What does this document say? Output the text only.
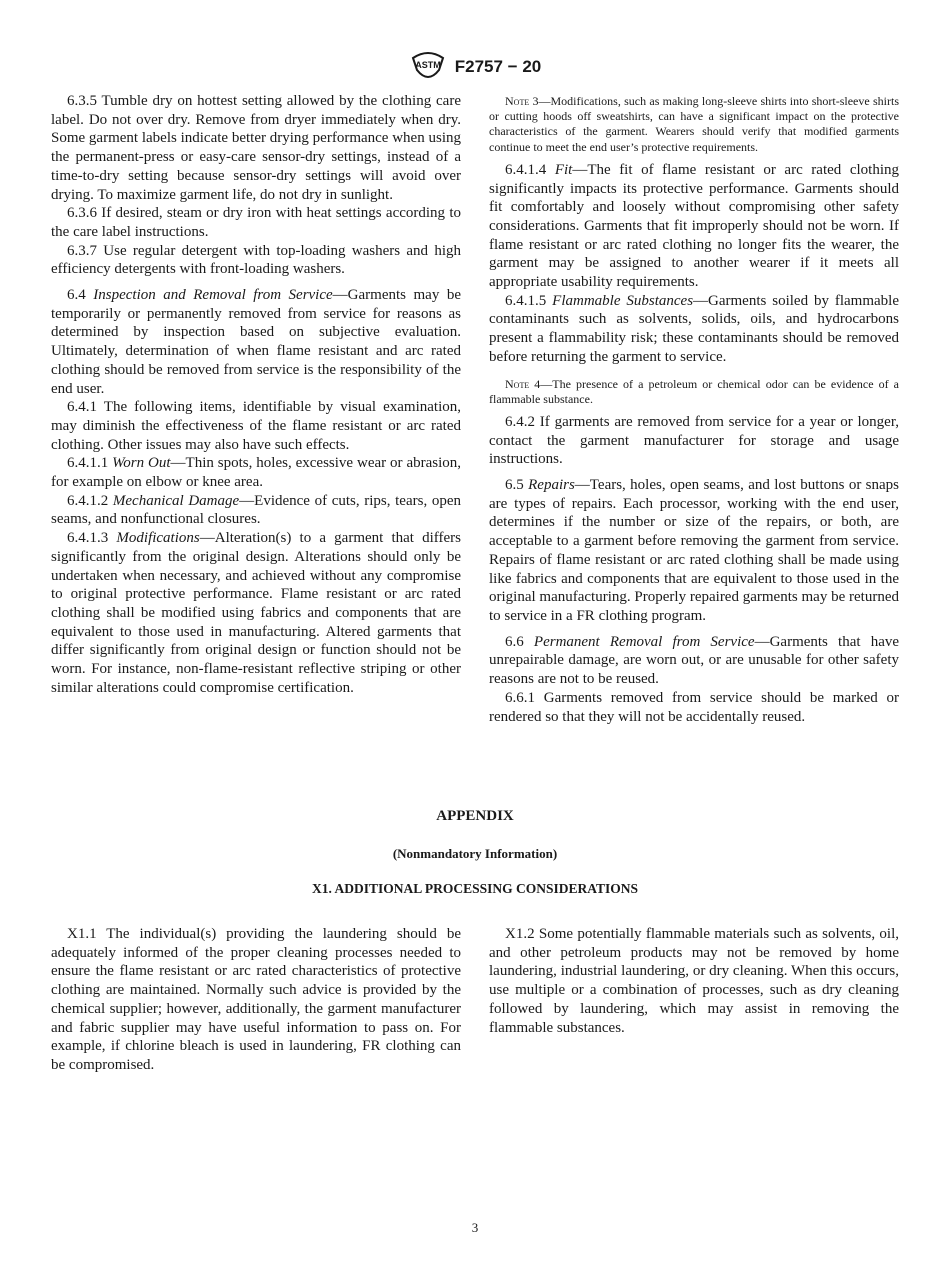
ASTM F2757 − 20

6.3.5 Tumble dry on hottest setting allowed by the clothing care label. Do not over dry. Remove from dryer immediately when dry. Some garment labels indicate better drying performance when using the permanent-press or easy-care sensor-dry settings, instead of a time-to-dry setting because sensor-dry settings will avoid over drying. To maximize garment life, do not dry in sunlight.

6.3.6 If desired, steam or dry iron with heat settings according to the care label instructions.

6.3.7 Use regular detergent with top-loading washers and high efficiency detergents with front-loading washers.

6.4 Inspection and Removal from Service—Garments may be temporarily or permanently removed from service for reasons as determined by inspection based on subjective evaluation. Ultimately, determination of when flame resistant and arc rated clothing should be removed from service is the responsibility of the end user.

6.4.1 The following items, identifiable by visual examination, may diminish the effectiveness of the flame resistant or arc rated clothing. Other issues may also have such effects.

6.4.1.1 Worn Out—Thin spots, holes, excessive wear or abrasion, for example on elbow or knee area.

6.4.1.2 Mechanical Damage—Evidence of cuts, rips, tears, open seams, and nonfunctional closures.

6.4.1.3 Modifications—Alteration(s) to a garment that differs significantly from the original design. Alterations should only be undertaken when necessary, and achieved without any compromise to original protective performance. Flame resistant or arc rated clothing shall be modified using fabrics and components that are equivalent to those used in manufacturing. Altered garments that differ significantly from original design or function should not be worn. For instance, non-flame-resistant reflective striping or other similar alterations could compromise certification.

Note 3—Modifications, such as making long-sleeve shirts into short-sleeve shirts or cutting hoods off sweatshirts, can have a significant impact on the protective characteristics of the garment. Wearers should verify that modified garments continue to meet the end user’s protective requirements.

6.4.1.4 Fit—The fit of flame resistant or arc rated clothing significantly impacts its protective performance. Garments should fit comfortably and loosely without compromising other safety considerations. Garments that fit improperly should not be worn. If flame resistant or arc rated clothing no longer fits the wearer, the garment may be assigned to another wearer if it meets all appropriate usability requirements.

6.4.1.5 Flammable Substances—Garments soiled by flammable contaminants such as solvents, solids, oils, and hydrocarbons present a flammability risk; these contaminants should be removed before returning the garment to service.

Note 4—The presence of a petroleum or chemical odor can be evidence of a flammable substance.

6.4.2 If garments are removed from service for a year or longer, contact the garment manufacturer for storage and usage instructions.

6.5 Repairs—Tears, holes, open seams, and lost buttons or snaps are types of repairs. Each processor, working with the end user, determines if the number or size of the repairs, or both, are acceptable to a garment before removing the garment from service. Repairs of flame resistant or arc rated clothing shall be made using like fabrics and components that are equivalent to those used in the original manufacturing. Properly repaired garments may be returned to service in a FR clothing program.

6.6 Permanent Removal from Service—Garments that have unrepairable damage, are worn out, or are unusable for other safety reasons are not to be reused.

6.6.1 Garments removed from service should be marked or rendered so that they will not be accidentally reused.

APPENDIX
(Nonmandatory Information)
X1. ADDITIONAL PROCESSING CONSIDERATIONS

X1.1 The individual(s) providing the laundering should be adequately informed of the proper cleaning processes needed to ensure the flame resistant or arc rated characteristics of protective clothing are maintained. Normally such advice is provided by the chemical supplier; however, additionally, the garment manufacturer and fabric supplier may have useful information to pass on. For example, if chlorine bleach is used in laundering, FR clothing can be compromised.

X1.2 Some potentially flammable materials such as solvents, oil, and other petroleum products may not be removed by home laundering, industrial laundering, or dry cleaning. When this occurs, use multiple or a combination of processes, such as dry cleaning followed by laundering, which may assist in removing the flammable substances.

3
